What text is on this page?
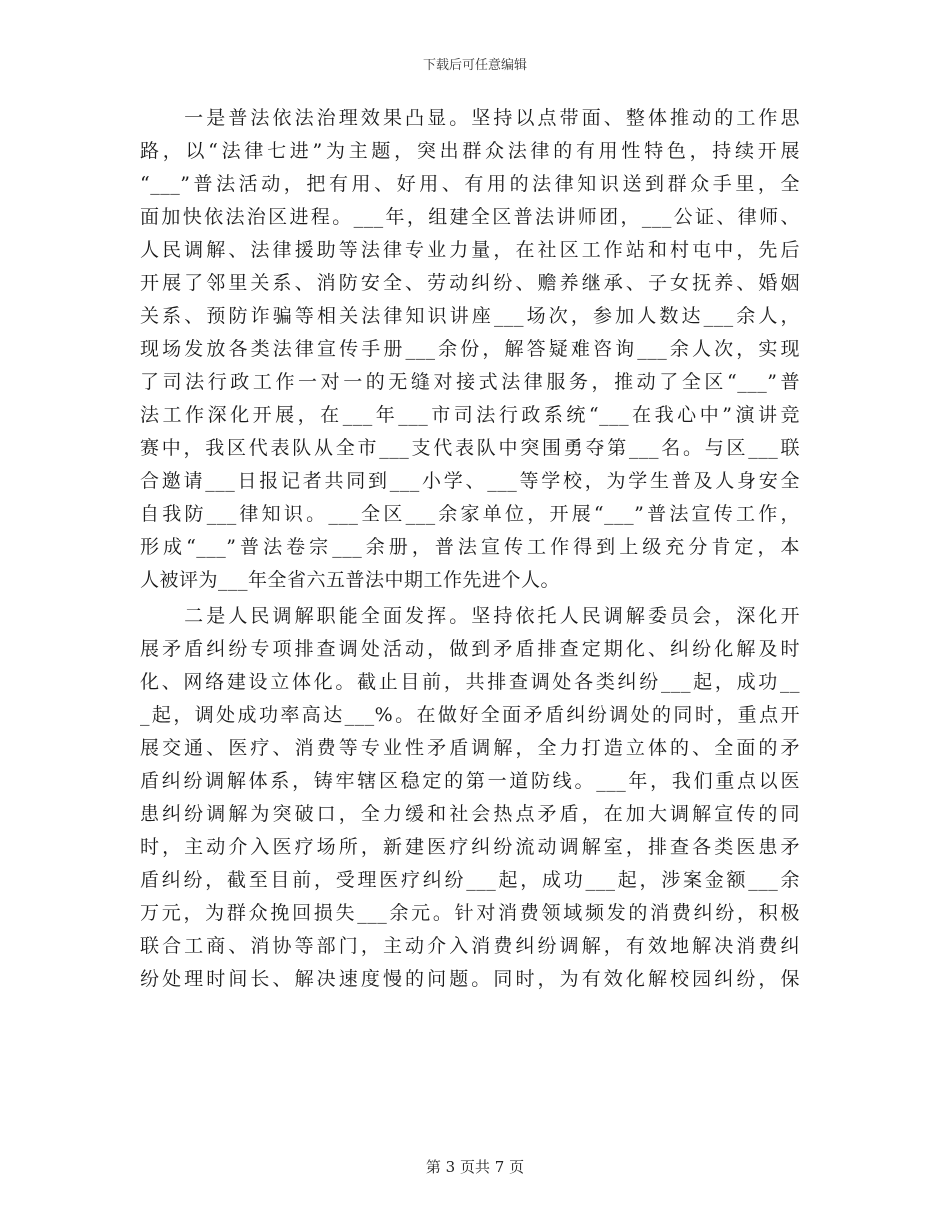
下载后可任意编辑
　　一是普法依法治理效果凸显。坚持以点带面、整体推动的工作思
路，以“法律七进”为主题，突出群众法律的有用性特色，持续开展
“___”普法活动，把有用、好用、有用的法律知识送到群众手里，全
面加快依法治区进程。___年，组建全区普法讲师团，___公证、律师、
人民调解、法律援助等法律专业力量，在社区工作站和村屯中，先后
开展了邻里关系、消防安全、劳动纠纷、赡养继承、子女抚养、婚姻
关系、预防诈骗等相关法律知识讲座___场次，参加人数达___余人，
现场发放各类法律宣传手册___余份，解答疑难咨询___余人次，实现
了司法行政工作一对一的无缝对接式法律服务，推动了全区“___”普
法工作深化开展，在___年___市司法行政系统“___在我心中”演讲竞
赛中，我区代表队从全市___支代表队中突围勇夺第___名。与区___联
合邀请___日报记者共同到___小学、___等学校，为学生普及人身安全
自我防___律知识。___全区___余家单位，开展“___”普法宣传工作，
形成“___”普法卷宗___余册，普法宣传工作得到上级充分肯定，本
人被评为___年全省六五普法中期工作先进个人。
　　二是人民调解职能全面发挥。坚持依托人民调解委员会，深化开
展矛盾纠纷专项排查调处活动，做到矛盾排查定期化、纠纷化解及时
化、网络建设立体化。截止目前，共排查调处各类纠纷___起，成功__
_起，调处成功率高达___%。在做好全面矛盾纠纷调处的同时，重点开
展交通、医疗、消费等专业性矛盾调解，全力打造立体的、全面的矛
盾纠纷调解体系，铸牢辖区稳定的第一道防线。___年，我们重点以医
患纠纷调解为突破口，全力缓和社会热点矛盾，在加大调解宣传的同
时，主动介入医疗场所，新建医疗纠纷流动调解室，排查各类医患矛
盾纠纷，截至目前，受理医疗纠纷___起，成功___起，涉案金额___余
万元，为群众挽回损失___余元。针对消费领域频发的消费纠纷，积极
联合工商、消协等部门，主动介入消费纠纷调解，有效地解决消费纠
纷处理时间长、解决速度慢的问题。同时，为有效化解校园纠纷，保
第 3 页共 7 页
